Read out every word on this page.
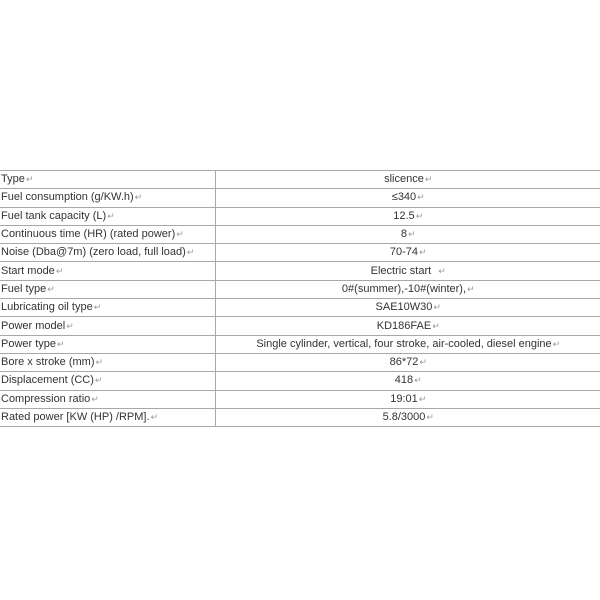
Type↵	slicence↵
Fuel consumption (g/KW.h)↵	≤340↵
Fuel tank capacity (L)↵	12.5↵
Continuous time (HR) (rated power)↵	8↵
Noise (Dba@7m) (zero load, full load)↵	70-74↵
Start mode↵	Electric start  ↵
Fuel type↵	0#(summer),-10#(winter),↵
Lubricating oil type↵	SAE10W30↵
Power model↵	KD186FAE↵
Power type↵	Single cylinder, vertical, four stroke, air-cooled, diesel engine↵
Bore x stroke (mm)↵	86*72↵
Displacement (CC)↵	418↵
Compression ratio↵	19:01↵
Rated power [KW (HP) /RPM].↵	5.8/3000↵
